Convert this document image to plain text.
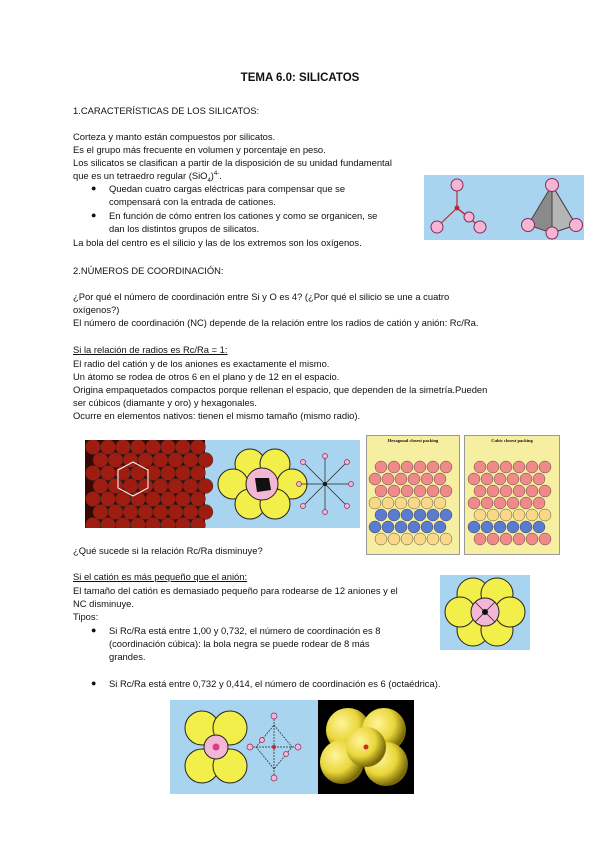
TEMA 6.0: SILICATOS
1.CARACTERÍSTICAS DE LOS SILICATOS:
Corteza y manto están compuestos por silicatos.
Es el grupo más frecuente en volumen y porcentaje en peso.
Los silicatos se clasifican a partir de la disposición de su unidad fundamental
que es un tetraedro regular $(SiO_4)^{4-}$.
● Quedan cuatro cargas eléctricas para compensar que se
compensará con la entrada de cationes.
● En función de cómo entren los cationes y como se organicen, se
dan los distintos grupos de silicatos.
La bola del centro es el silicio y las de los extremos son los oxígenos.
2.NÚMEROS DE COORDINACIÓN:
¿Por qué el número de coordinación entre Si y O es 4? (¿Por qué el silicio se une a cuatro
oxígenos?)
El número de coordinación (NC) depende de la relación entre los radios de catión y anión: Rc/Ra.
Si la relación de radios es Rc/Ra = 1:
El radio del catión y de los aniones es exactamente el mismo.
Un átomo se rodea de otros 6 en el plano y de 12 en el espacio.
Origina empaquetados compactos porque rellenan el espacio, que dependen de la simetría.Pueden
ser cúbicos (diamante y oro) y hexagonales.
Ocurre en elementos nativos: tienen el mismo tamaño (mismo radio).
Hexagonal closest packing	Cubic closest packing
¿Qué sucede si la relación Rc/Ra disminuye?
Si el catión es más pequeño que el anión:
El tamaño del catión es demasiado pequeño para rodearse de 12 aniones y el
NC disminuye.
Tipos:
● Si Rc/Ra está entre 1,00 y 0,732, el número de coordinación es 8
(coordinación cúbica): la bola negra se puede rodear de 8 más
grandes.
● Si Rc/Ra está entre 0,732 y 0,414, el número de coordinación es 6 (octaédrica).
